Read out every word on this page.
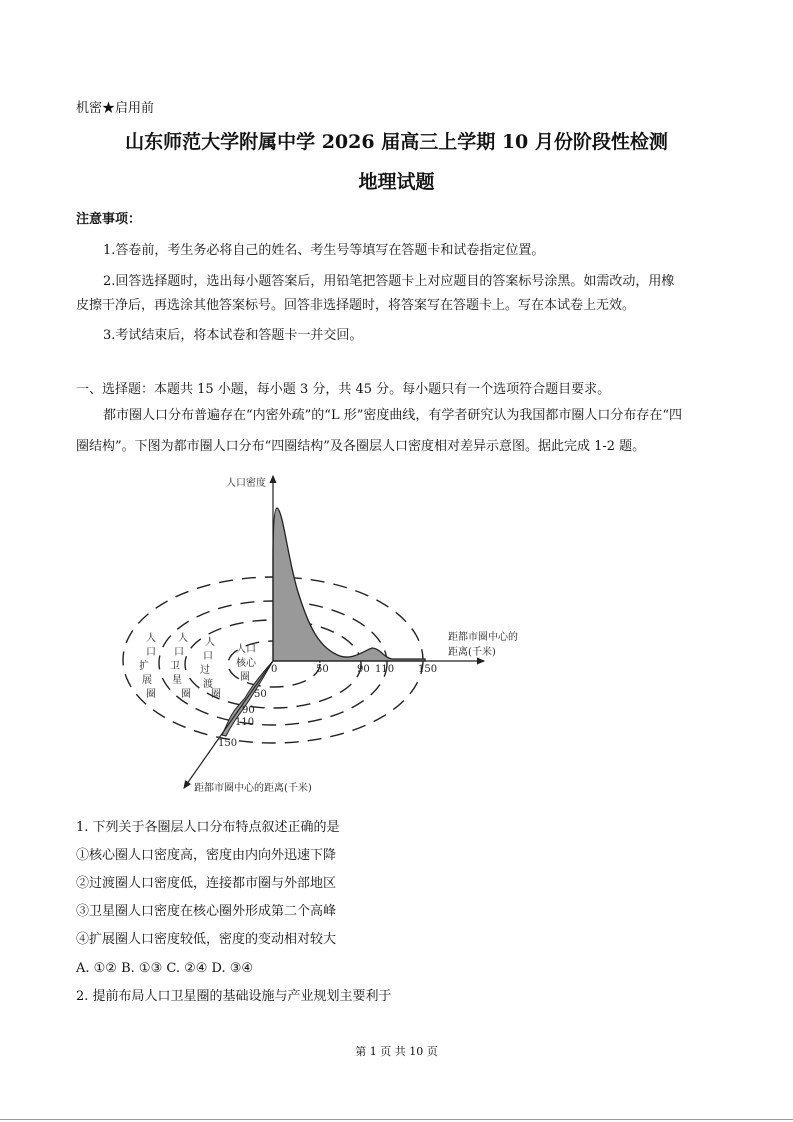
机密★启用前
山东师范大学附属中学 2026 届高三上学期 10 月份阶段性检测
地理试题
注意事项：
1.答卷前，考生务必将自己的姓名、考生号等填写在答题卡和试卷指定位置。
2.回答选择题时，选出每小题答案后，用铅笔把答题卡上对应题目的答案标号涂黑。如需改动，用橡
皮擦干净后，再选涂其他答案标号。回答非选择题时，将答案写在答题卡上。写在本试卷上无效。
3.考试结束后，将本试卷和答题卡一并交回。
一、选择题：本题共 15 小题，每小题 3 分，共 45 分。每小题只有一个选项符合题目要求。
都市圈人口分布普遍存在“内密外疏”的“L 形”密度曲线，有学者研究认为我国都市圈人口分布存在“四
圈结构”。下图为都市圈人口分布“四圈结构”及各圈层人口密度相对差异示意图。据此完成 1-2 题。
人口密度
距都市圈中心的
距离(千米)
距都市圈中心的距离(千米)
0	50	90 110 150
50
90
110
150
人
口
扩
展
圈
人
口
卫
星
圈
人
口
过
渡
圈
人口
核心
圈
1. 下列关于各圈层人口分布特点叙述正确的是
①核心圈人口密度高，密度由内向外迅速下降
②过渡圈人口密度低，连接都市圈与外部地区
③卫星圈人口密度在核心圈外形成第二个高峰
④扩展圈人口密度较低，密度的变动相对较大
A. ①② B. ①③ C. ②④ D. ③④
2. 提前布局人口卫星圈的基础设施与产业规划主要利于
第 1 页 共 10 页
